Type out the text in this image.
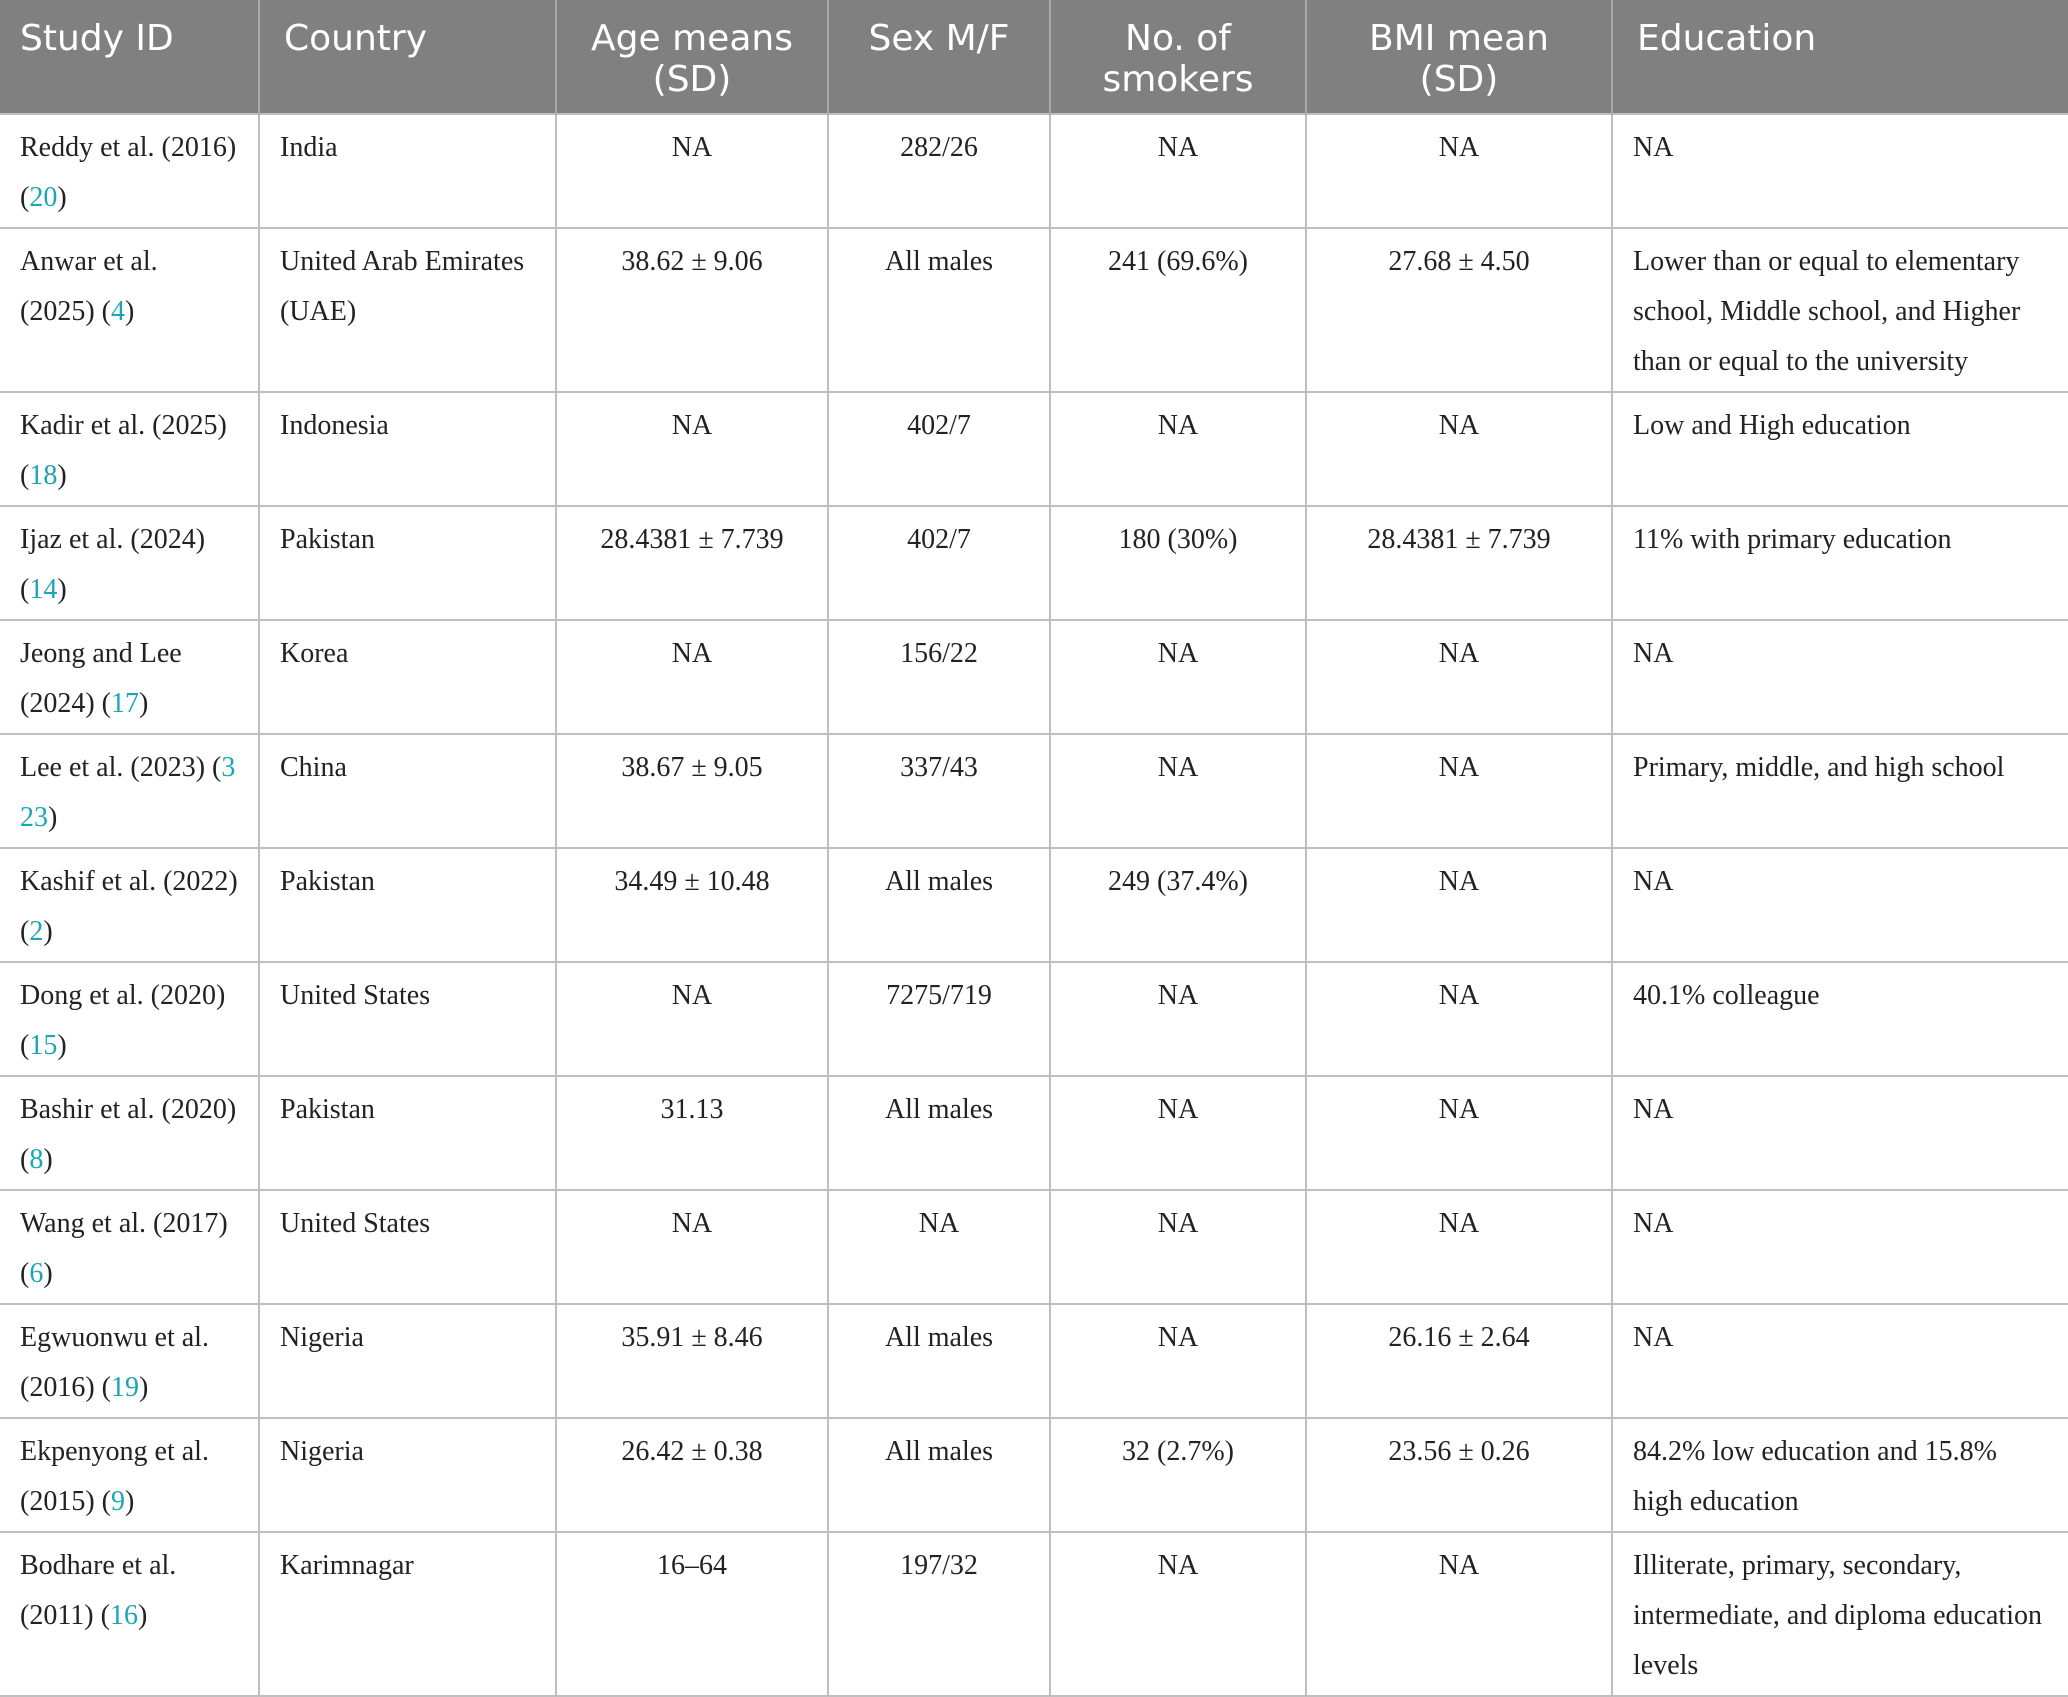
Study ID	Country	Age means (SD)	Sex M/F	No. of smokers	BMI mean (SD)	Education
Reddy et al. (2016) (20)	India	NA	282/26	NA	NA	NA
Anwar et al. (2025) (4)	United Arab Emirates (UAE)	38.62 ± 9.06	All males	241 (69.6%)	27.68 ± 4.50	Lower than or equal to elementary school, Middle school, and Higher than or equal to the university
Kadir et al. (2025) (18)	Indonesia	NA	402/7	NA	NA	Low and High education
Ijaz et al. (2024) (14)	Pakistan	28.4381 ± 7.739	402/7	180 (30%)	28.4381 ± 7.739	11% with primary education
Jeong and Lee (2024) (17)	Korea	NA	156/22	NA	NA	NA
Lee et al. (2023) (3 23)	China	38.67 ± 9.05	337/43	NA	NA	Primary, middle, and high school
Kashif et al. (2022) (2)	Pakistan	34.49 ± 10.48	All males	249 (37.4%)	NA	NA
Dong et al. (2020) (15)	United States	NA	7275/719	NA	NA	40.1% colleague
Bashir et al. (2020) (8)	Pakistan	31.13	All males	NA	NA	NA
Wang et al. (2017) (6)	United States	NA	NA	NA	NA	NA
Egwuonwu et al. (2016) (19)	Nigeria	35.91 ± 8.46	All males	NA	26.16 ± 2.64	NA
Ekpenyong et al. (2015) (9)	Nigeria	26.42 ± 0.38	All males	32 (2.7%)	23.56 ± 0.26	84.2% low education and 15.8% high education
Bodhare et al. (2011) (16)	Karimnagar	16–64	197/32	NA	NA	Illiterate, primary, secondary, intermediate, and diploma education levels
